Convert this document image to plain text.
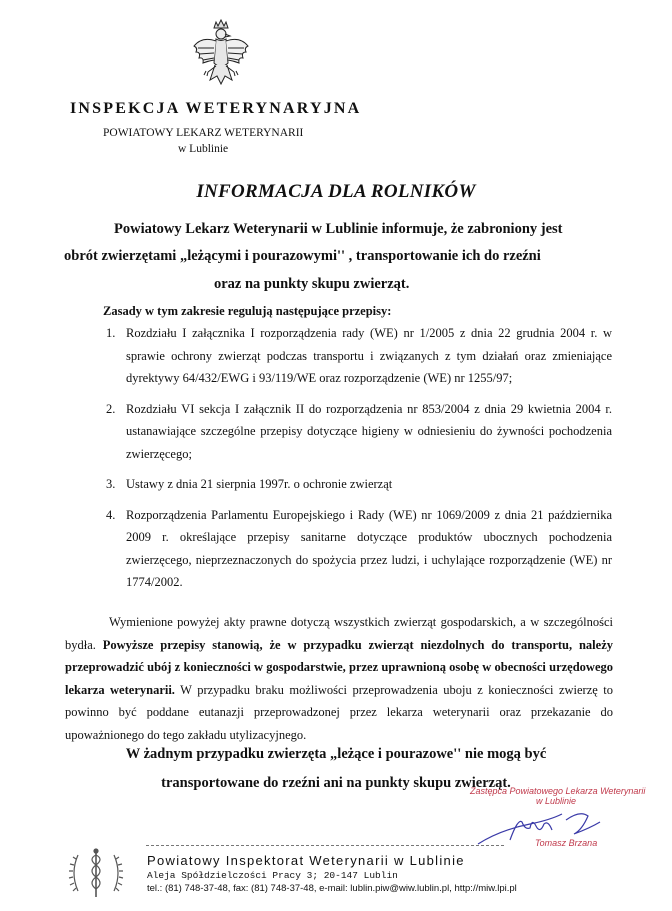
INSPEKCJA WETERYNARYJNA
POWIATOWY LEKARZ WETERYNARII
w Lublinie
INFORMACJA DLA ROLNIKÓW
Powiatowy Lekarz Weterynarii w Lublinie informuje, że zabroniony jest
obrót zwierzętami „leżącymi i pourazowymi'' , transportowanie ich do rzeźni
oraz na punkty skupu zwierząt.
Zasady w tym zakresie regulują następujące przepisy:
1. Rozdziału I załącznika I rozporządzenia rady (WE) nr 1/2005 z dnia 22 grudnia 2004 r. w sprawie ochrony zwierząt podczas transportu i związanych z tym działań oraz zmieniające dyrektywy 64/432/EWG i 93/119/WE oraz rozporządzenie (WE) nr 1255/97;
2. Rozdziału VI sekcja I załącznik II do rozporządzenia nr 853/2004 z dnia 29 kwietnia 2004 r. ustanawiające szczególne przepisy dotyczące higieny w odniesieniu do żywności pochodzenia zwierzęcego;
3. Ustawy z dnia 21 sierpnia 1997r. o ochronie zwierząt
4. Rozporządzenia Parlamentu Europejskiego i Rady (WE) nr 1069/2009 z dnia 21 października 2009 r. określające przepisy sanitarne dotyczące produktów ubocznych pochodzenia zwierzęcego, nieprzeznaczonych do spożycia przez ludzi, i uchylające rozporządzenie (WE) nr 1774/2002.
Wymienione powyżej akty prawne dotyczą wszystkich zwierząt gospodarskich, a w szczególności bydła. Powyższe przepisy stanowią, że w przypadku zwierząt niezdolnych do transportu, należy przeprowadzić ubój z konieczności w gospodarstwie, przez uprawnioną osobę w obecności urzędowego lekarza weterynarii. W przypadku braku możliwości przeprowadzenia uboju z konieczności zwierzę to powinno być poddane eutanazji przeprowadzonej przez lekarza weterynarii oraz przekazanie do upoważnionego do tego zakładu utylizacyjnego.
W żadnym przypadku zwierzęta „leżące i pourazowe'' nie mogą być
transportowane do rzeźni ani na punkty skupu zwierząt.
Zastępca Powiatowego Lekarza Weterynarii
w Lublinie
Tomasz Brzana
Powiatowy Inspektorat Weterynarii w Lublinie
Aleja Spółdzielczości Pracy 3; 20-147 Lublin
tel.: (81) 748-37-48, fax: (81) 748-37-48, e-mail: lublin.piw@wiw.lublin.pl, http://miw.lpi.pl
